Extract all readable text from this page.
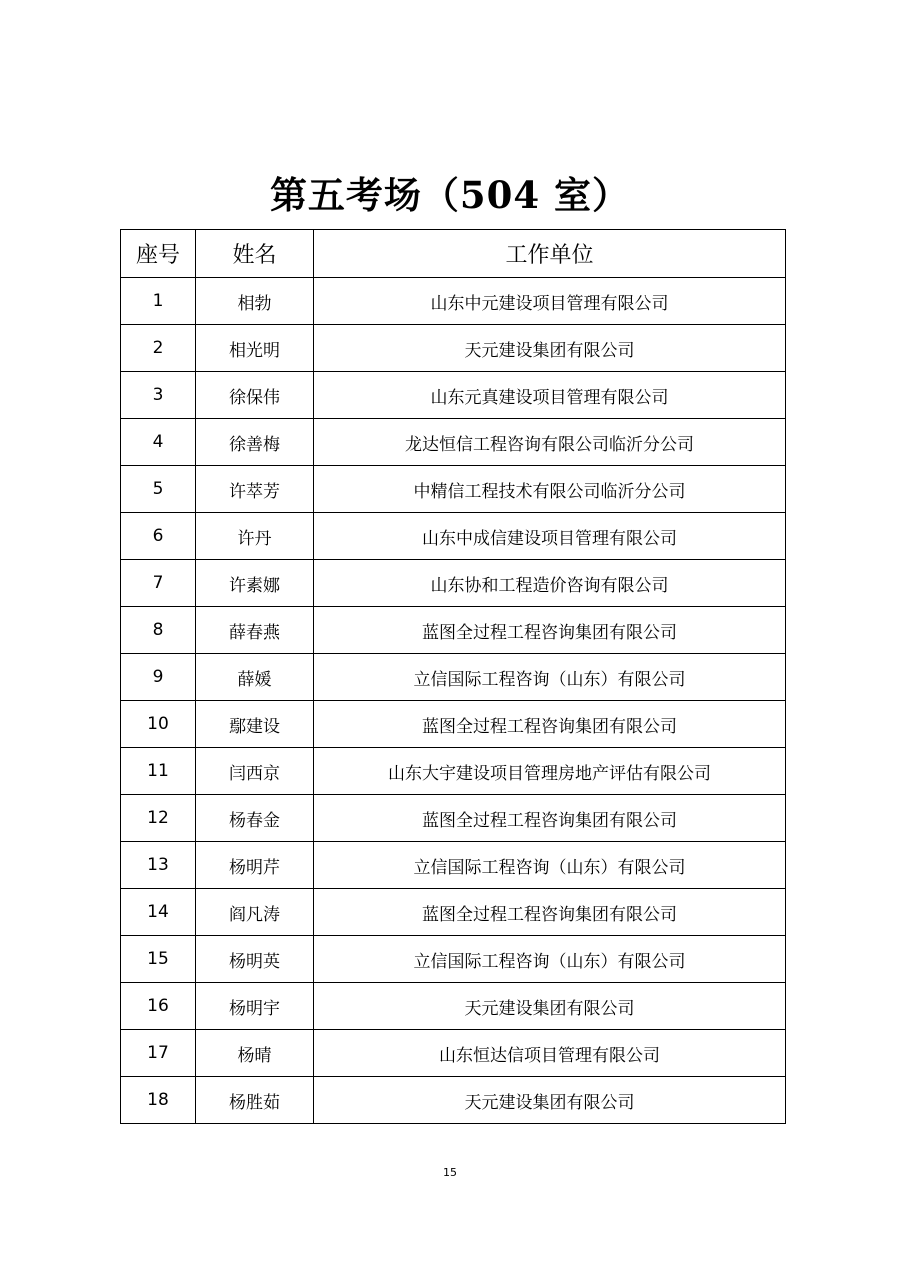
第五考场（504 室）
座号	姓名	工作单位
1	相勃	山东中元建设项目管理有限公司
2	相光明	天元建设集团有限公司
3	徐保伟	山东元真建设项目管理有限公司
4	徐善梅	龙达恒信工程咨询有限公司临沂分公司
5	许萃芳	中精信工程技术有限公司临沂分公司
6	许丹	山东中成信建设项目管理有限公司
7	许素娜	山东协和工程造价咨询有限公司
8	薛春燕	蓝图全过程工程咨询集团有限公司
9	薛媛	立信国际工程咨询（山东）有限公司
10	鄢建设	蓝图全过程工程咨询集团有限公司
11	闫西京	山东大宇建设项目管理房地产评估有限公司
12	杨春金	蓝图全过程工程咨询集团有限公司
13	杨明芹	立信国际工程咨询（山东）有限公司
14	阎凡涛	蓝图全过程工程咨询集团有限公司
15	杨明英	立信国际工程咨询（山东）有限公司
16	杨明宇	天元建设集团有限公司
17	杨晴	山东恒达信项目管理有限公司
18	杨胜茹	天元建设集团有限公司
15
